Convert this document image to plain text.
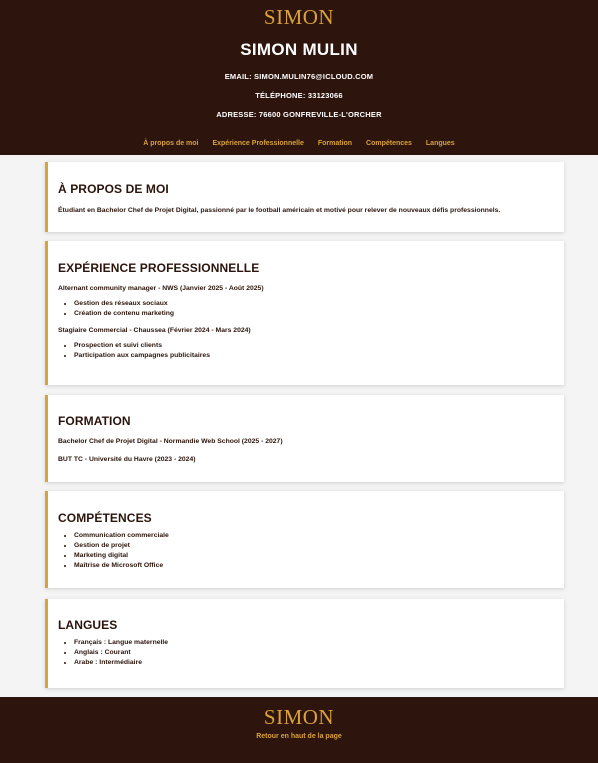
SIMON
SIMON MULIN
EMAIL: SIMON.MULIN76@ICLOUD.COM
TÉLÉPHONE: 33123066
ADRESSE: 76600 GONFREVILLE-L'ORCHER
À propos de moi Expérience Professionnelle Formation Compétences Langues
À PROPOS DE MOI

Étudiant en Bachelor Chef de Projet Digital, passionné par le football américain et motivé pour relever de nouveaux défis professionnels.

EXPÉRIENCE PROFESSIONNELLE

Alternant community manager - NWS (Janvier 2025 - Août 2025)

• Gestion des réseaux sociaux
• Création de contenu marketing

Stagiaire Commercial - Chaussea (Février 2024 - Mars 2024)

• Prospection et suivi clients
• Participation aux campagnes publicitaires
FORMATION

Bachelor Chef de Projet Digital - Normandie Web School (2025 - 2027)

BUT TC - Université du Havre (2023 - 2024)

COMPÉTENCES
• Communication commerciale
• Gestion de projet
• Marketing digital
• Maîtrise de Microsoft Office
LANGUES
• Français : Langue maternelle
• Anglais : Courant
• Arabe : Intermédiaire
SIMON
Retour en haut de la page
